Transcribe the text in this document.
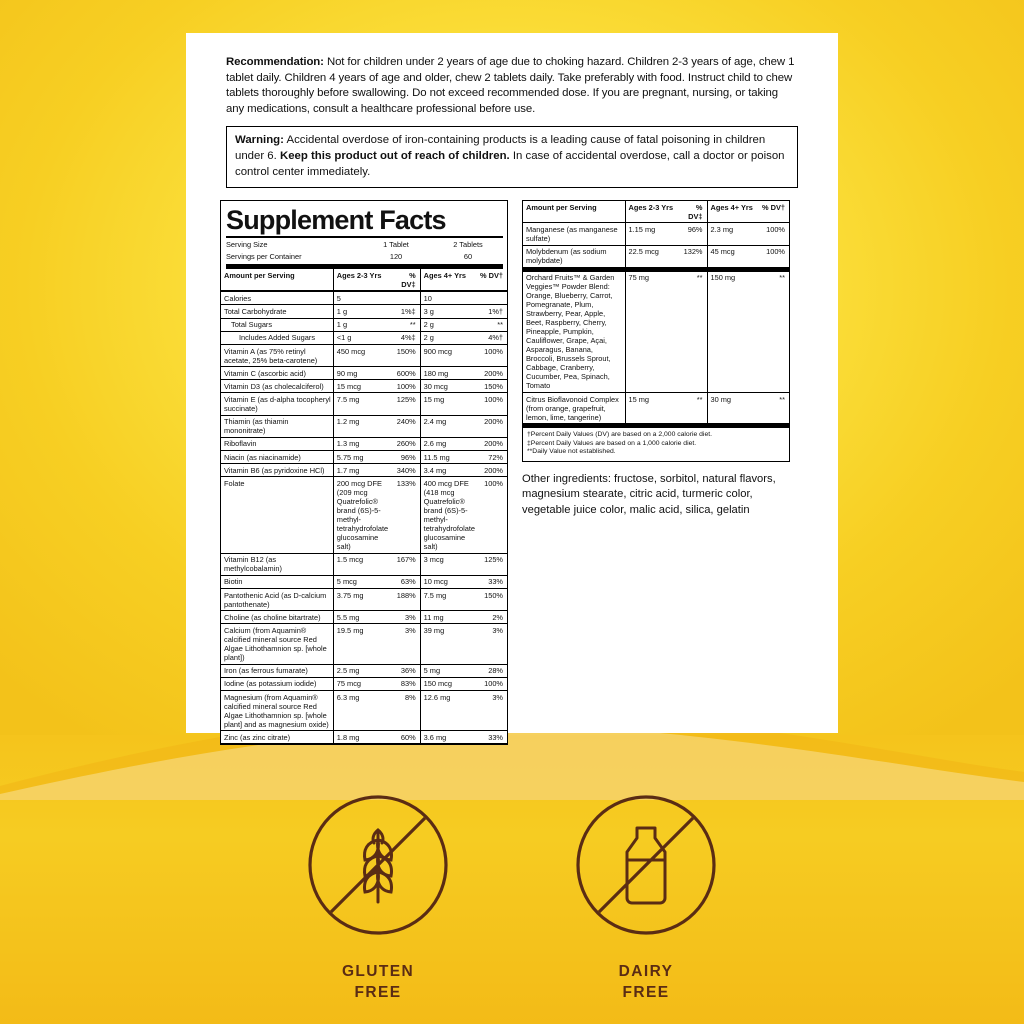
Recommendation: Not for children under 2 years of age due to choking hazard. Children 2-3 years of age, chew 1 tablet daily. Children 4 years of age and older, chew 2 tablets daily. Take preferably with food. Instruct child to chew tablets thoroughly before swallowing. Do not exceed recommended dose. If you are pregnant, nursing, or taking any medications, consult a healthcare professional before use.

Warning: Accidental overdose of iron-containing products is a leading cause of fatal poisoning in children under 6. Keep this product out of reach of children. In case of accidental overdose, call a doctor or poison control center immediately.
Supplement Facts
Serving Size	1 Tablet	2 Tablets
Servings per Container	120	60
Amount per Serving	Ages 2-3 Yrs	% DV‡	Ages 4+ Yrs	% DV†
Calories	5		10	
Total Carbohydrate	1 g	1%‡	3 g	1%†
Total Sugars	1 g	**	2 g	**
Includes Added Sugars	<1 g	4%‡	2 g	4%†
Vitamin A (as 75% retinyl acetate, 25% beta-carotene)	450 mcg	150%	900 mcg	100%
Vitamin C (ascorbic acid)	90 mg	600%	180 mg	200%
Vitamin D3 (as cholecalciferol)	15 mcg	100%	30 mcg	150%
Vitamin E (as d-alpha tocopheryl succinate)	7.5 mg	125%	15 mg	100%
Thiamin (as thiamin mononitrate)	1.2 mg	240%	2.4 mg	200%
Riboflavin	1.3 mg	260%	2.6 mg	200%
Niacin (as niacinamide)	5.75 mg	96%	11.5 mg	72%
Vitamin B6 (as pyridoxine HCl)	1.7 mg	340%	3.4 mg	200%
Folate	200 mcg DFE (209 mcg Quatrefolic® brand (6S)-5-methyl-tetrahydrofolate glucosamine salt)	133%	400 mcg DFE (418 mcg Quatrefolic® brand (6S)-5-methyl-tetrahydrofolate glucosamine salt)	100%
Vitamin B12 (as methylcobalamin)	1.5 mcg	167%	3 mcg	125%
Biotin	5 mcg	63%	10 mcg	33%
Pantothenic Acid (as D-calcium pantothenate)	3.75 mg	188%	7.5 mg	150%
Choline (as choline bitartrate)	5.5 mg	3%	11 mg	2%
Calcium (from Aquamin® calcified mineral source Red Algae Lithothamnion sp. [whole plant])	19.5 mg	3%	39 mg	3%
Iron (as ferrous fumarate)	2.5 mg	36%	5 mg	28%
Iodine (as potassium iodide)	75 mcg	83%	150 mcg	100%
Magnesium (from Aquamin® calcified mineral source Red Algae Lithothamnion sp. [whole plant] and as magnesium oxide)	6.3 mg	8%	12.6 mg	3%
Zinc (as zinc citrate)	1.8 mg	60%	3.6 mg	33%
Amount per Serving	Ages 2-3 Yrs	% DV‡	Ages 4+ Yrs	% DV†
Manganese (as manganese sulfate)	1.15 mg	96%	2.3 mg	100%
Molybdenum (as sodium molybdate)	22.5 mcg	132%	45 mcg	100%
Orchard Fruits™ & Garden Veggies™ Powder Blend: Orange, Blueberry, Carrot, Pomegranate, Plum, Strawberry, Pear, Apple, Beet, Raspberry, Cherry, Pineapple, Pumpkin, Cauliflower, Grape, Açai, Asparagus, Banana, Broccoli, Brussels Sprout, Cabbage, Cranberry, Cucumber, Pea, Spinach, Tomato	75 mg	**	150 mg	**
Citrus Bioflavonoid Complex (from orange, grapefruit, lemon, lime, tangerine)	15 mg	**	30 mg	**
†Percent Daily Values (DV) are based on a 2,000 calorie diet.
‡Percent Daily Values are based on a 1,000 calorie diet.
**Daily Value not established.
Other ingredients: fructose, sorbitol, natural flavors, magnesium stearate, citric acid, turmeric color, vegetable juice color, malic acid, silica, gelatin
GLUTEN
FREE
DAIRY
FREE
